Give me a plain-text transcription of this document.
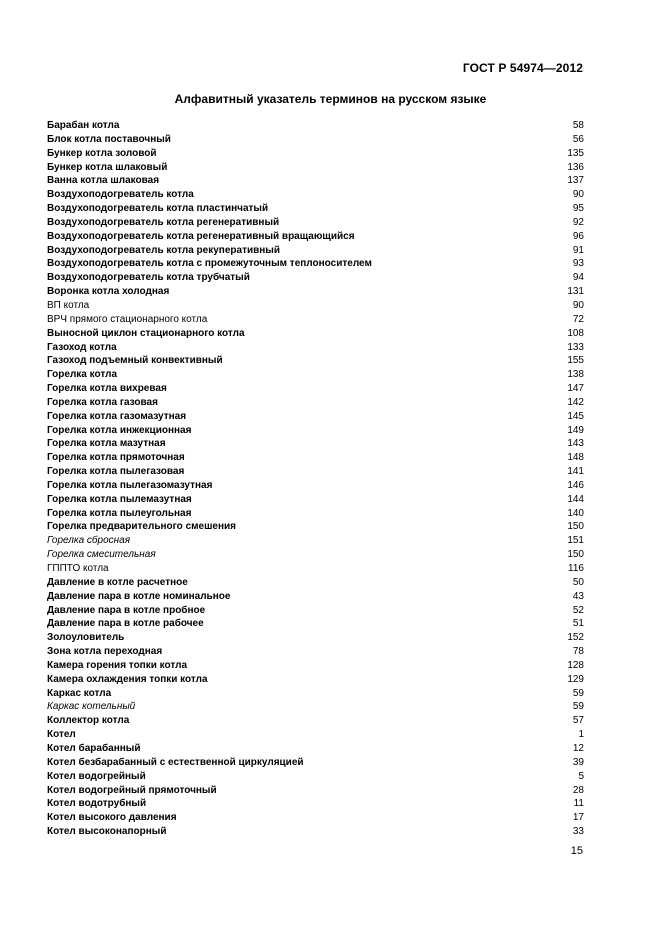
ГОСТ Р 54974—2012
Алфавитный указатель терминов на русском языке
Барабан котла	58
Блок котла поставочный	56
Бункер котла золовой	135
Бункер котла шлаковый	136
Ванна котла шлаковая	137
Воздухоподогреватель котла	90
Воздухоподогреватель котла пластинчатый	95
Воздухоподогреватель котла регенеративный	92
Воздухоподогреватель котла регенеративный вращающийся	96
Воздухоподогреватель котла рекуперативный	91
Воздухоподогреватель котла с промежуточным теплоносителем	93
Воздухоподогреватель котла трубчатый	94
Воронка котла холодная	131
ВП котла	90
ВРЧ прямого стационарного котла	72
Выносной циклон стационарного котла	108
Газоход котла	133
Газоход подъемный конвективный	155
Горелка котла	138
Горелка котла вихревая	147
Горелка котла газовая	142
Горелка котла газомазутная	145
Горелка котла инжекционная	149
Горелка котла мазутная	143
Горелка котла прямоточная	148
Горелка котла пылегазовая	141
Горелка котла пылегазомазутная	146
Горелка котла пылемазутная	144
Горелка котла пылеугольная	140
Горелка предварительного смешения	150
Горелка сбросная	151
Горелка смесительная	150
ГППТО котла	116
Давление в котле расчетное	50
Давление пара в котле номинальное	43
Давление пара в котле пробное	52
Давление пара в котле рабочее	51
Золоуловитель	152
Зона котла переходная	78
Камера горения топки котла	128
Камера охлаждения топки котла	129
Каркас котла	59
Каркас котельный	59
Коллектор котла	57
Котел	1
Котел барабанный	12
Котел безбарабанный с естественной циркуляцией	39
Котел водогрейный	5
Котел водогрейный прямоточный	28
Котел водотрубный	11
Котел высокого давления	17
Котел высоконапорный	33
15
